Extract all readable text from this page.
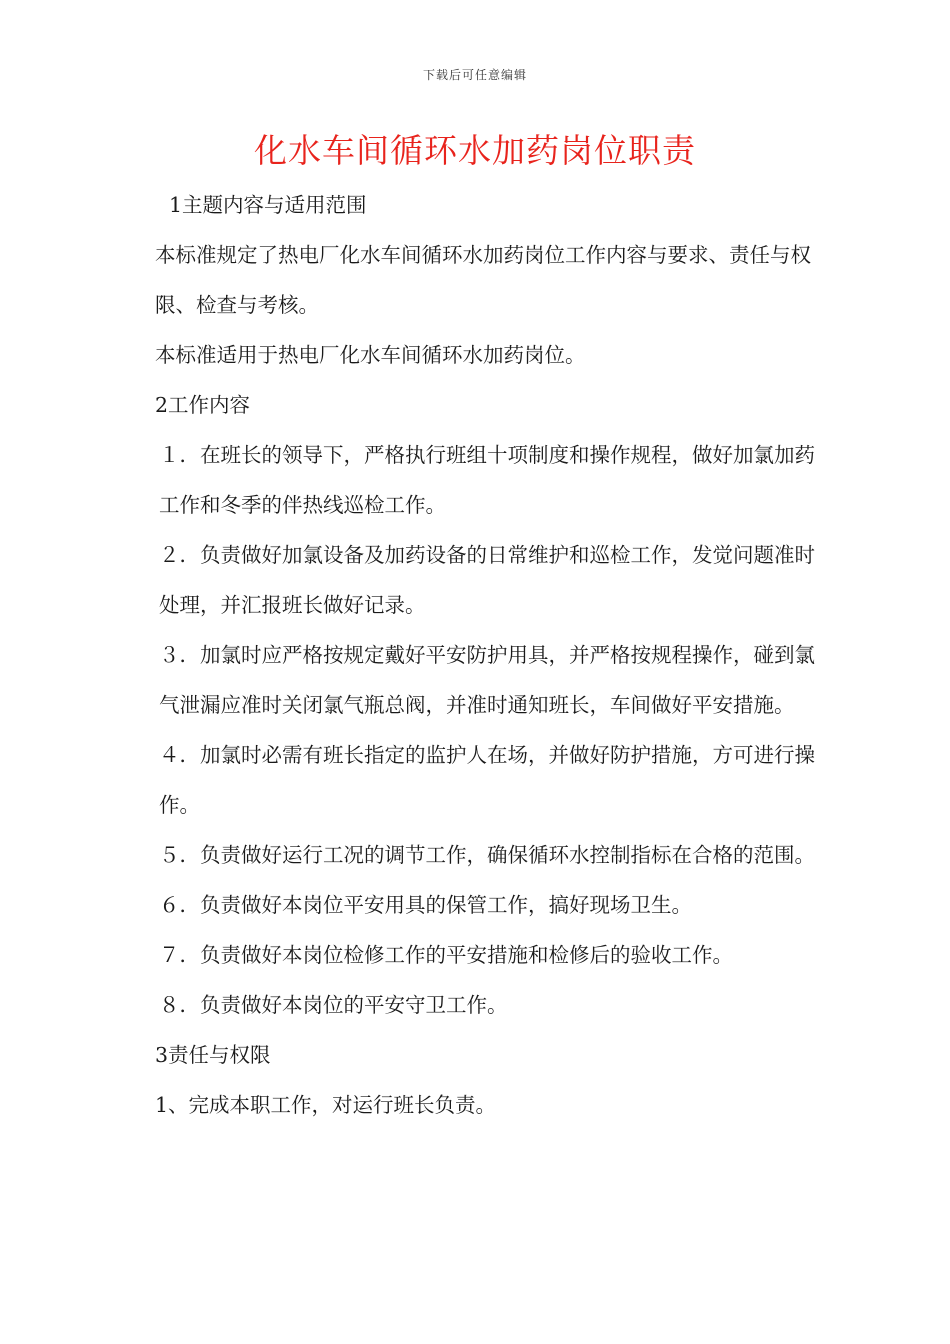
下载后可任意编辑
化水车间循环水加药岗位职责

1主题内容与适用范围

本标准规定了热电厂化水车间循环水加药岗位工作内容与要求、责任与权限、检查与考核。

本标准适用于热电厂化水车间循环水加药岗位。

2工作内容

１．在班长的领导下，严格执行班组十项制度和操作规程，做好加氯加药工作和冬季的伴热线巡检工作。

２．负责做好加氯设备及加药设备的日常维护和巡检工作，发觉问题准时处理，并汇报班长做好记录。

３．加氯时应严格按规定戴好平安防护用具，并严格按规程操作，碰到氯气泄漏应准时关闭氯气瓶总阀，并准时通知班长，车间做好平安措施。

４．加氯时必需有班长指定的监护人在场，并做好防护措施，方可进行操作。

５．负责做好运行工况的调节工作，确保循环水控制指标在合格的范围。

６．负责做好本岗位平安用具的保管工作，搞好现场卫生。

７．负责做好本岗位检修工作的平安措施和检修后的验收工作。

８．负责做好本岗位的平安守卫工作。

3责任与权限

1、完成本职工作，对运行班长负责。
